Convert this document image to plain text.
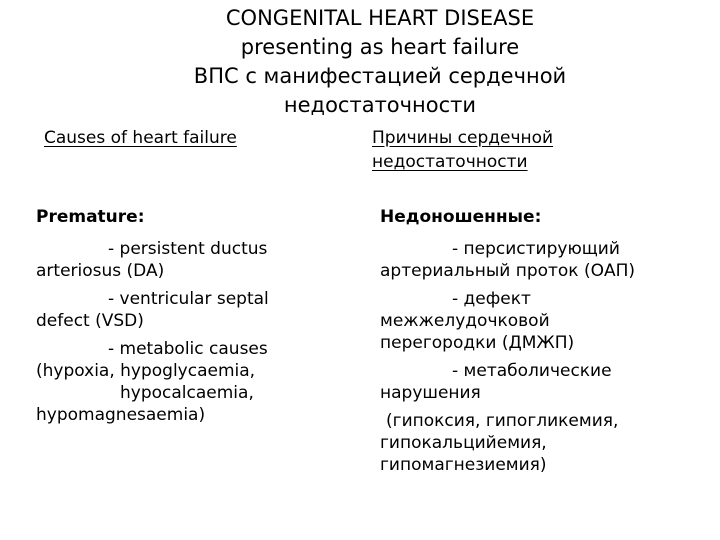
CONGENITAL HEART DISEASE
presenting as heart failure
ВПС с манифестацией сердечной
недостаточности
Causes of heart failure	Причины сердечной
недостаточности
Premature:
- persistent ductus
arteriosus (DA)
- ventricular septal
defect (VSD)
- metabolic causes
(hypoxia, hypoglycaemia,
hypocalcaemia,
hypomagnesaemia)
Недоношенные:
- персистирующий
артериальный проток (ОАП)
- дефект
межжелудочковой
перегородки (ДМЖП)
- метаболические
нарушения
(гипоксия, гипогликемия,
гипокальцийемия,
гипомагнезиемия)
